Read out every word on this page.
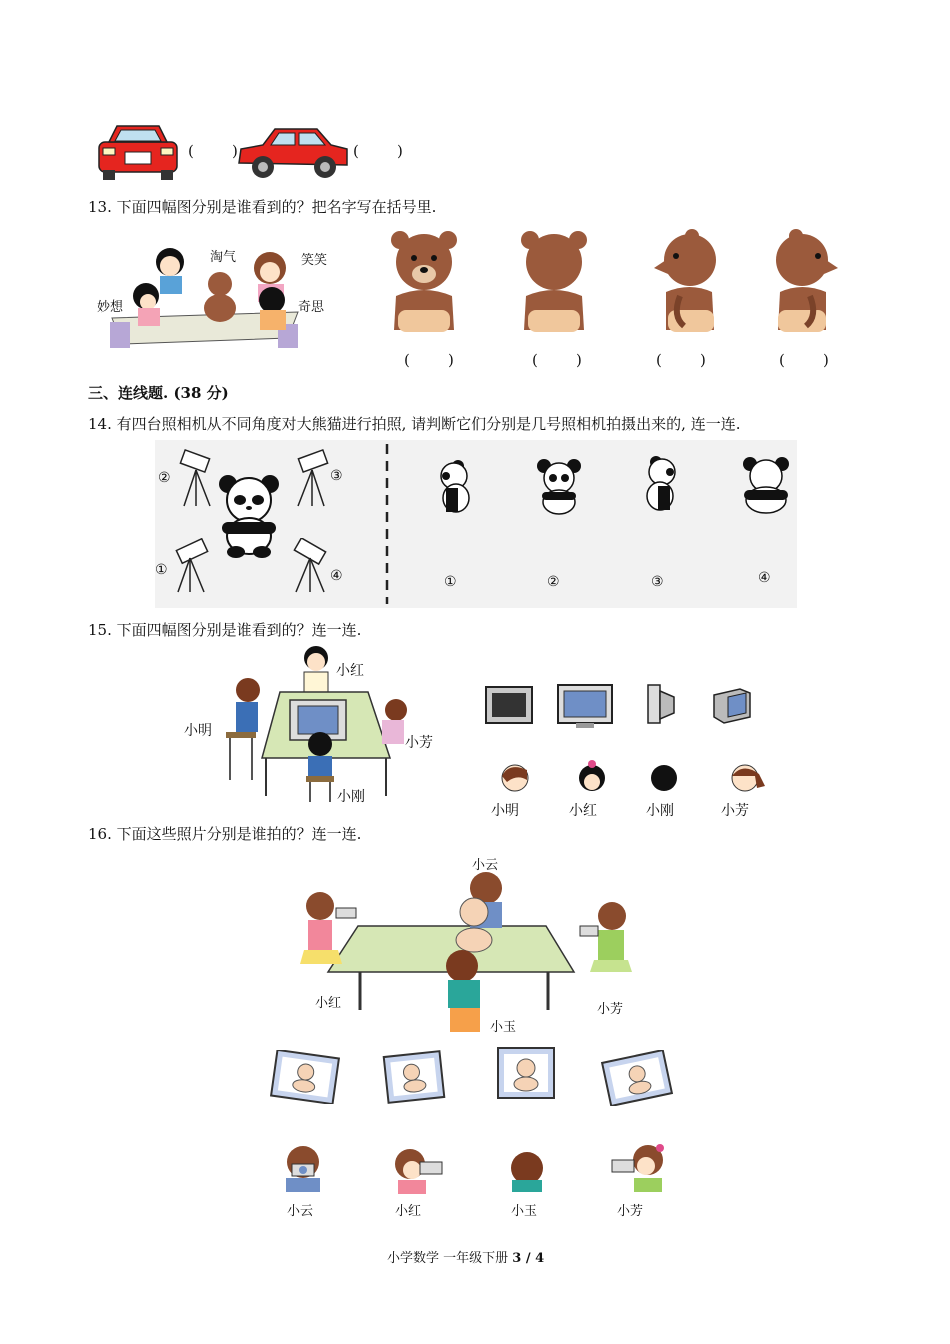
(        )	(        )
13. 下面四幅图分别是谁看到的？把名字写在括号里.
淘气	笑笑
妙想	奇思
(        )	(        )	(        )	(        )
三、连线题. (38 分)
14. 有四台照相机从不同角度对大熊猫进行拍照, 请判断它们分别是几号照相机拍摄出来的, 连一连.
②	③
①	④	①	②	③	④
15. 下面四幅图分别是谁看到的？连一连.
小红
小明
小芳
小刚
小明	小红	小刚	小芳
16. 下面这些照片分别是谁拍的？连一连.
小云
小红	小芳
小玉
小云	小红	小玉	小芳
小学数学 一年级下册 3 / 4
